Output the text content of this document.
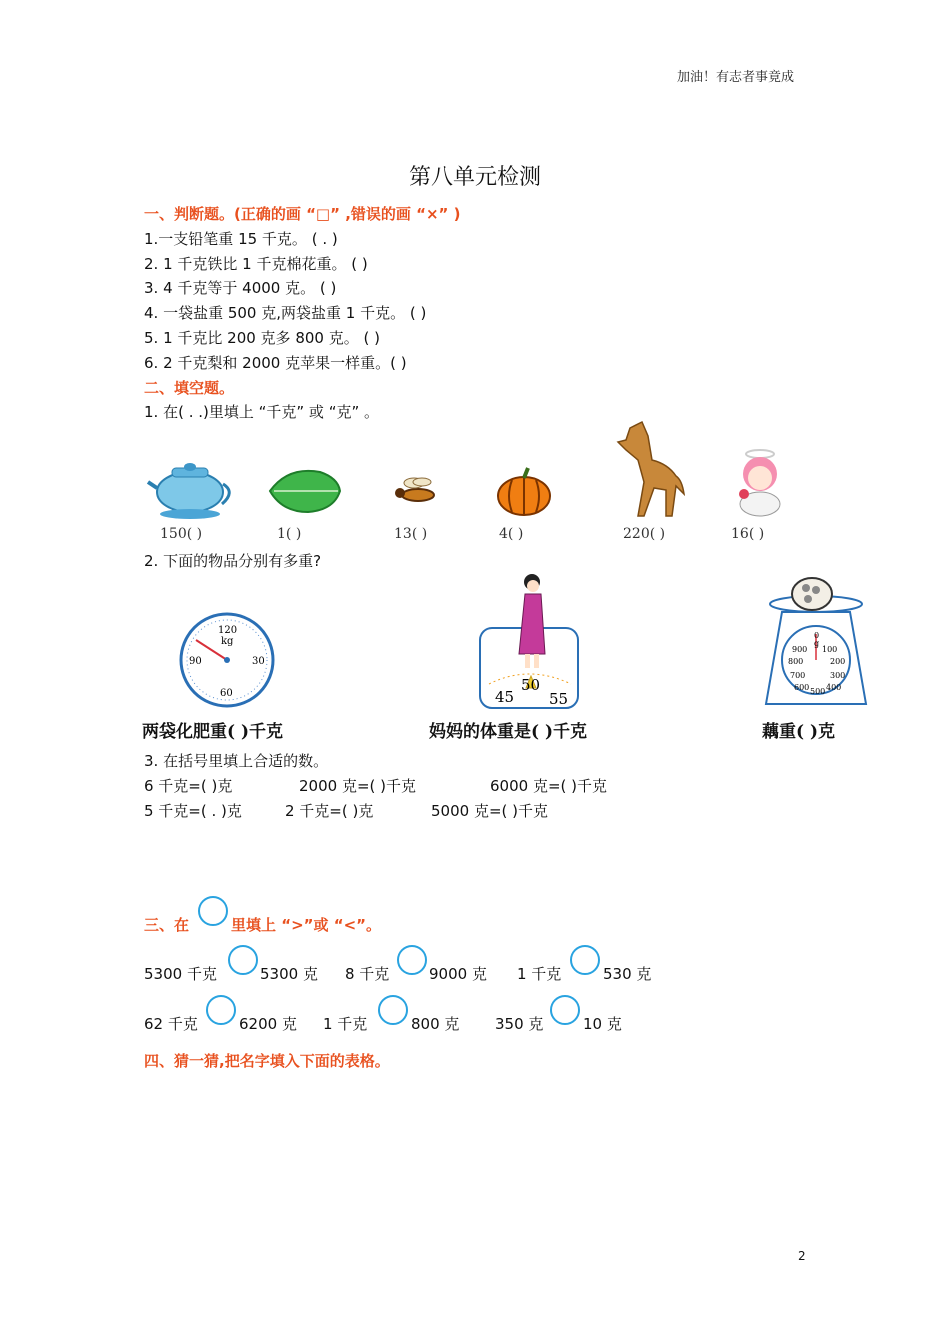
加油！有志者事竟成
第八单元检测
一、判断题。(正确的画 “□” ,错误的画 “×” )
1.一支铅笔重 15 千克。 ( . )
2. 1 千克铁比 1 千克棉花重。 ( )
3. 4 千克等于 4000 克。 ( )
4. 一袋盐重 500 克,两袋盐重 1 千克。 ( )
5. 1 千克比 200 克多 800 克。 ( )
6. 2 千克梨和 2000 克苹果一样重。( )
二、填空题。
1. 在( . .)里填上 “千克” 或 “克” 。
150( )	1( )	13( )	4( )	220( )	16( )
2. 下面的物品分别有多重?
120
kg
90	30
60	45
50
55
0
g
900 100
800	200
700	300
600 500 400
两袋化肥重( )千克	妈妈的体重是( )千克	藕重( )克
3. 在括号里填上合适的数。
6 千克=( )克	2000 克=( )千克	6000 克=( )千克
5 千克=( . )克	2 千克=( )克	5000 克=( )千克
三、在	里填上 “>”或 “<”。
5300 千克	5300 克 8 千克	9000 克 1 千克	530 克
62 千克	6200 克 1 千克	800 克 350 克	10 克
四、猜一猜,把名字填入下面的表格。
2
